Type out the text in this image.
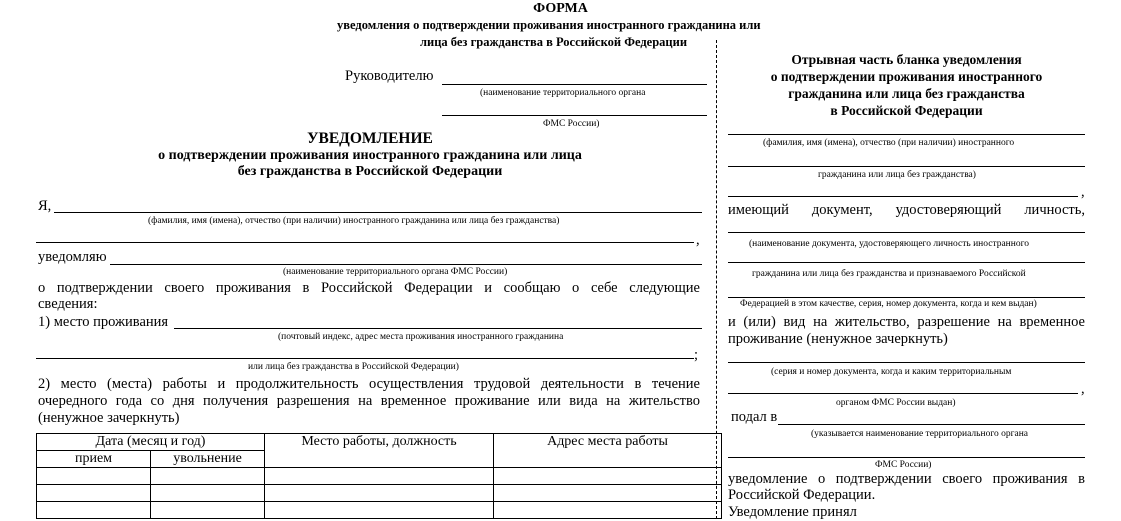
ФОРМА
уведомления о подтверждении проживания иностранного гражданина или
лица без гражданства в Российской Федерации
Руководителю
(наименование территориального органа
ФМС России)
УВЕДОМЛЕНИЕ
о подтверждении проживания иностранного гражданина или лица
без гражданства в Российской Федерации
Я,
(фамилия, имя (имена), отчество (при наличии) иностранного гражданина или лица без гражданства)
,
уведомляю
(наименование территориального органа ФМС России)
о подтверждении своего проживания в Российской Федерации и сообщаю о себе следующие
сведения:
1) место проживания
(почтовый индекс, адрес места проживания иностранного гражданина
;
или лица без гражданства в Российской Федерации)
2) место (места) работы и продолжительность осуществления трудовой деятельности в течение
очередного года со дня получения разрешения на временное проживание или вида на жительство
(ненужное зачеркнуть)
Дата (месяц и год)		Место работы, должность	Адрес места работы
прием	увольнение		

Отрывная часть бланка уведомления
о подтверждении проживания иностранного
гражданина или лица без гражданства
в Российской Федерации
(фамилия, имя (имена), отчество (при наличии) иностранного
гражданина или лица без гражданства)
,
имеющий документ, удостоверяющий личность,
(наименование документа, удостоверяющего личность иностранного
гражданина или лица без гражданства и признаваемого Российской
Федерацией в этом качестве, серия, номер документа, когда и кем выдан)
и (или) вид на жительство, разрешение на временное
проживание (ненужное зачеркнуть)
(серия и номер документа, когда и каким территориальным
,
органом ФМС России выдан)
подал в
(указывается наименование территориального органа
ФМС России)
уведомление о подтверждении своего проживания в
Российской Федерации.
Уведомление принял
